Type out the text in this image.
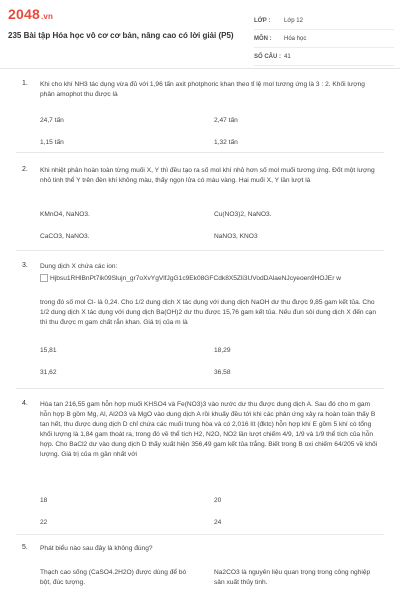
2048.vn
235 Bài tập Hóa học vô cơ cơ bản, nâng cao có lời giải (P5)
LỚP :	Lớp 12
MÔN :	Hóa học
SỐ CÂU : 41
1. Khi cho khí NH3 tác dụng vừa đủ với 1,96 tấn axit photphoric khan theo tỉ lệ mol tương ứng là 3 : 2. Khối lượng phân amophot thu được là
24,7 tấn	2,47 tấn
1,15 tấn	1,32 tấn
2. Khi nhiệt phân hoàn toàn từng muối X, Y thì đều tạo ra số mol khí nhỏ hơn số mol muối tương ứng. Đốt một lượng nhỏ tinh thể Y trên đèn khí không màu, thấy ngọn lửa có màu vàng. Hai muối X, Y lần lượt là
KMnO4, NaNO3.	Cu(NO3)2, NaNO3.
CaCO3, NaNO3.	NaNO3, KNO3
3. Dung dịch X chứa các ion:
Hjbsu1RHlBnPt7ik09Slujn_gr7oXvYgVlfJgG1c9Ek08GFCdk8X5Zli3UVodDAlaeNJcyeoen9HOJEr w
trong đó số mol Cl- là 0,24. Cho 1/2 dung dịch X tác dụng với dung dịch NaOH dư thu được 9,85 gam kết tủa. Cho 1/2 dung dịch X tác dụng với dung dịch Ba(OH)2 dư thu được 15,76 gam kết tủa. Nếu đun sôi dung dịch X đến cạn thì thu được m gam chất rắn khan. Giá trị của m là
15,81	18,29
31,62	36,58
4. Hòa tan 216,55 gam hỗn hợp muối KHSO4 và Fe(NO3)3 vào nước dư thu được dung dịch A. Sau đó cho m gam hỗn hợp B gồm Mg, Al, Al2O3 và MgO vào dung dịch A rồi khuấy đều tới khi các phản ứng xảy ra hoàn toàn thấy B tan hết, thu được dung dịch D chỉ chứa các muối trung hòa và có 2,016 lít (đktc) hỗn hợp khí E gồm 5 khí có tổng khối lượng là 1,84 gam thoát ra, trong đó về thể tích H2, N2O, NO2 lần lượt chiếm 4/9, 1/9 và 1/9 thể tích của hỗn hợp. Cho BaCl2 dư vào dung dịch D thấy xuất hiện 356,49 gam kết tủa trắng. Biết trong B oxi chiếm 64/205 về khối lượng. Giá trị của m gần nhất với
18	20
22	24
5. Phát biểu nào sau đây là không đúng?
Thạch cao sống (CaSO4.2H2O) được dùng để bó bột, đúc tượng.
Na2CO3 là nguyên liệu quan trọng trong công nghiệp sản xuất thủy tinh.
